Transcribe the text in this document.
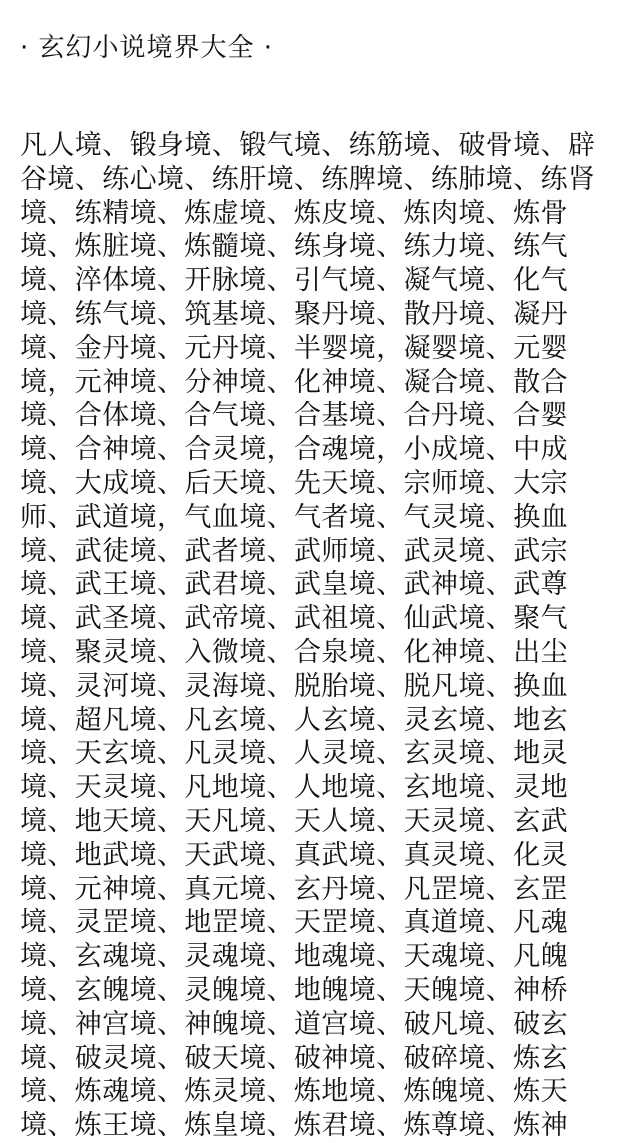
· 玄幻小说境界大全 ·
凡人境、锻身境、锻气境、练筋境、破骨境、辟
谷境、练心境、练肝境、练脾境、练肺境、练肾
境、练精境、炼虚境、炼皮境、炼肉境、炼骨
境、炼脏境、炼髓境、练身境、练力境、练气
境、淬体境、开脉境、引气境、凝气境、化气
境、练气境、筑基境、聚丹境、散丹境、凝丹
境、金丹境、元丹境、半婴境，凝婴境、元婴
境，元神境、分神境、化神境、凝合境、散合
境、合体境、合气境、合基境、合丹境、合婴
境、合神境、合灵境，合魂境，小成境、中成
境、大成境、后天境、先天境、宗师境、大宗
师、武道境，气血境、气者境、气灵境、换血
境、武徒境、武者境、武师境、武灵境、武宗
境、武王境、武君境、武皇境、武神境、武尊
境、武圣境、武帝境、武祖境、仙武境、聚气
境、聚灵境、入微境、合泉境、化神境、出尘
境、灵河境、灵海境、脱胎境、脱凡境、换血
境、超凡境、凡玄境、人玄境、灵玄境、地玄
境、天玄境、凡灵境、人灵境、玄灵境、地灵
境、天灵境、凡地境、人地境、玄地境、灵地
境、地天境、天凡境、天人境、天灵境、玄武
境、地武境、天武境、真武境、真灵境、化灵
境、元神境、真元境、玄丹境、凡罡境、玄罡
境、灵罡境、地罡境、天罡境、真道境、凡魂
境、玄魂境、灵魂境、地魂境、天魂境、凡魄
境、玄魄境、灵魄境、地魄境、天魄境、神桥
境、神宫境、神魄境、道宫境、破凡境、破玄
境、破灵境、破天境、破神境、破碎境、炼玄
境、炼魂境、炼灵境、炼地境、炼魄境、炼天
境、炼王境、炼皇境、炼君境、炼尊境、炼神
